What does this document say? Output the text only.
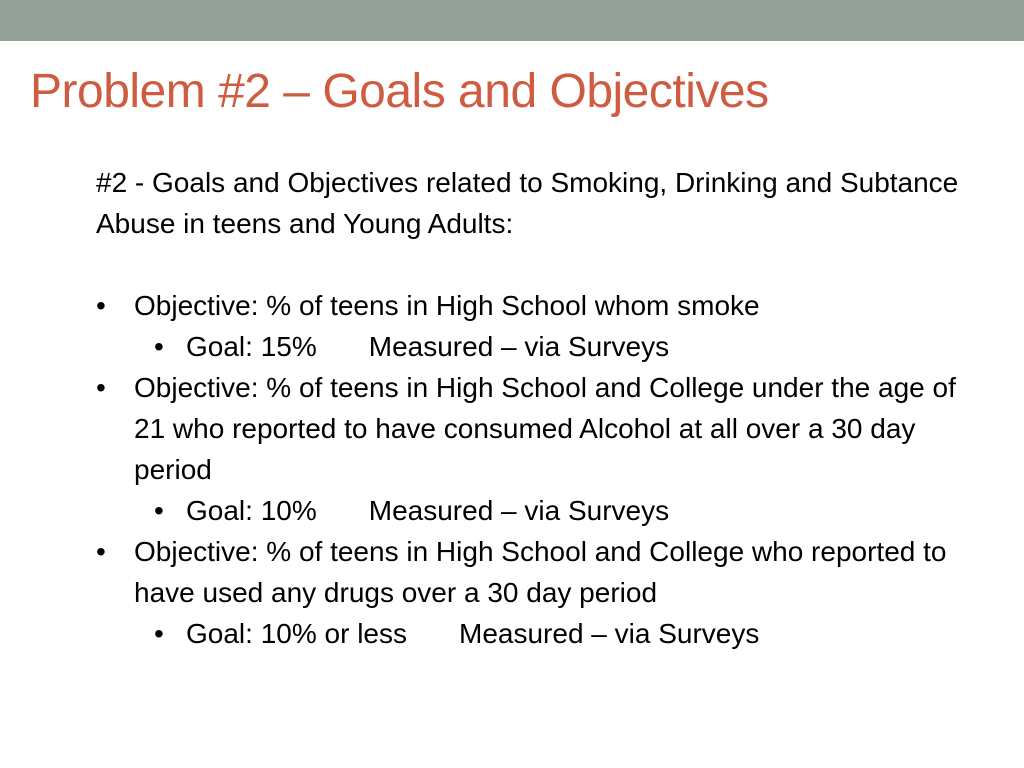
Problem #2 – Goals and Objectives

#2 - Goals and Objectives related to Smoking, Drinking and Subtance Abuse in teens and Young Adults:

•	Objective: % of teens in High School whom smoke
• Goal: 15% Measured – via Surveys
•	Objective: % of teens in High School and College under the age of 21 who reported to have consumed Alcohol at all over a 30 day period
• Goal: 10% Measured – via Surveys
•	Objective: % of teens in High School and College who reported to have used any drugs over a 30 day period
• Goal: 10% or less Measured – via Surveys
